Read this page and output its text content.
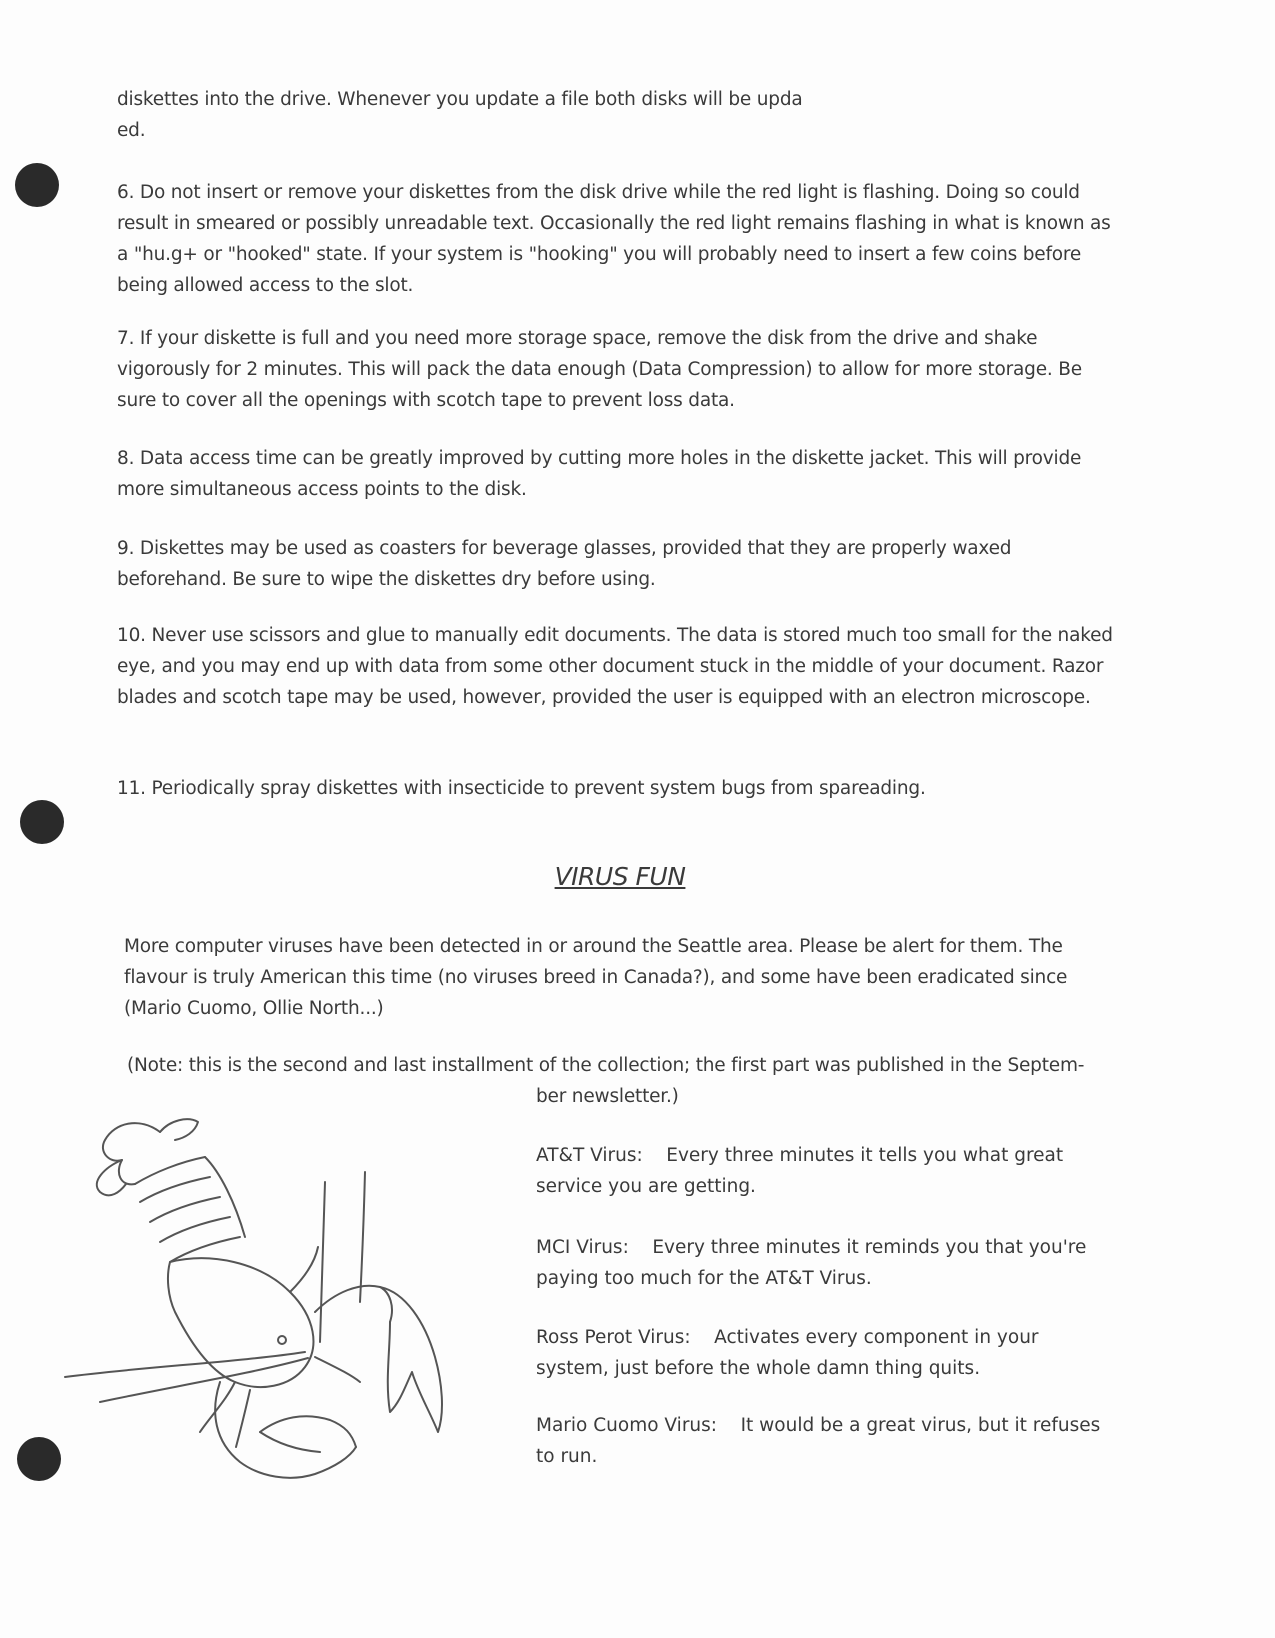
diskettes into the drive. Whenever you update a file both disks will be upda

ed.

6. Do not insert or remove your diskettes from the disk drive while the red light is flashing. Doing so could result in smeared or possibly unreadable text. Occasionally the red light remains flashing in what is known as a "hu.g+ or "hooked" state. If your system is "hooking" you will probably need to insert a few coins before being allowed access to the slot.

7. If your diskette is full and you need more storage space, remove the disk from the drive and shake vigorously for 2 minutes. This will pack the data enough (Data Compression) to allow for more storage. Be sure to cover all the openings with scotch tape to prevent loss data.

8. Data access time can be greatly improved by cutting more holes in the diskette jacket. This will provide more simultaneous access points to the disk.

9. Diskettes may be used as coasters for beverage glasses, provided that they are properly waxed beforehand. Be sure to wipe the diskettes dry before using.

10. Never use scissors and glue to manually edit documents. The data is stored much too small for the naked eye, and you may end up with data from some other document stuck in the middle of your document. Razor blades and scotch tape may be used, however, provided the user is equipped with an electron microscope.

11. Periodically spray diskettes with insecticide to prevent system bugs from spareading.

VIRUS FUN

More computer viruses have been detected in or around the Seattle area. Please be alert for them. The flavour is truly American this time (no viruses breed in Canada?), and some have been eradicated since (Mario Cuomo, Ollie North...)

(Note: this is the second and last installment of the collection; the first part was published in the Septem-
ber newsletter.)
AT&T Virus: Every three minutes it tells you what great service you are getting.
MCI Virus: Every three minutes it reminds you that you're paying too much for the AT&T Virus.
Ross Perot Virus: Activates every component in your system, just before the whole damn thing quits.
Mario Cuomo Virus: It would be a great virus, but it refuses to run.
